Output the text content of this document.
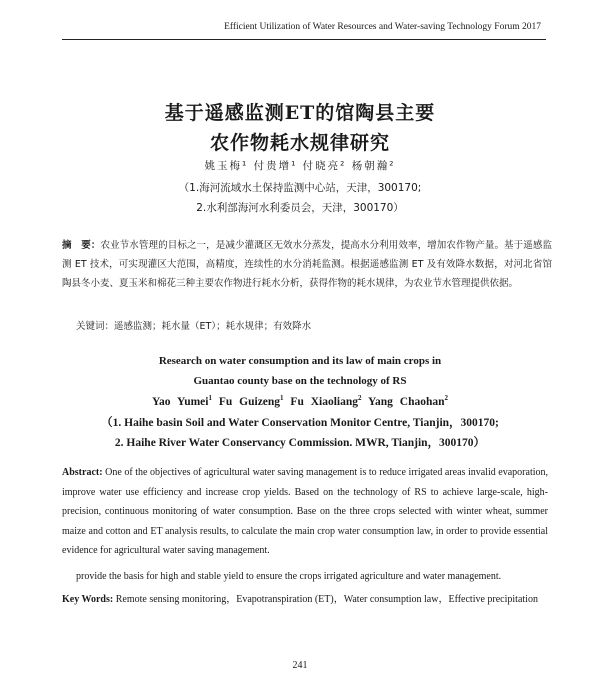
Efficient Utilization of Water Resources and Water-saving Technology Forum 2017
基于遥感监测ET的馆陶县主要
农作物耗水规律研究
姚玉梅¹ 付贵增¹ 付晓亮² 杨朝瀚²
（1.海河流域水土保持监测中心站，天津，300170;
2.水利部海河水利委员会，天津，300170）
摘　要：农业节水管理的目标之一，是减少灌溉区无效水分蒸发，提高水分利用效率，增加农作物产量。基于遥感监测 ET 技术，可实现灌区大范围，高精度，连续性的水分消耗监测。根据遥感监测 ET 及有效降水数据，对河北省馆陶县冬小麦、夏玉米和棉花三种主要农作物进行耗水分析，获得作物的耗水规律，为农业节水管理提供依据。
关键词：遥感监测；耗水量（ET）；耗水规律；有效降水
Research on water consumption and its law of main crops in
Guantao county base on the technology of RS
Yao Yumei$^1$ Fu Guizeng$^1$ Fu Xiaoliang$^2$ Yang Chaohan$^2$
（1. Haihe basin Soil and Water Conservation Monitor Centre, Tianjin，300170;
2. Haihe River Water Conservancy Commission. MWR, Tianjin，300170）
Abstract: One of the objectives of agricultural water saving management is to reduce irrigated areas invalid evaporation, improve water use efficiency and increase crop yields. Based on the technology of RS to achieve large-scale, high-precision, continuous monitoring of water consumption. Base on the three crops selected with winter wheat, summer maize and cotton and ET analysis results, to calculate the main crop water consumption law, in order to provide essential evidence for agricultural water saving management.
provide the basis for high and stable yield to ensure the crops irrigated agriculture and water management.
Key Words: Remote sensing monitoring，Evapotranspiration (ET)，Water consumption law，Effective precipitation
241
